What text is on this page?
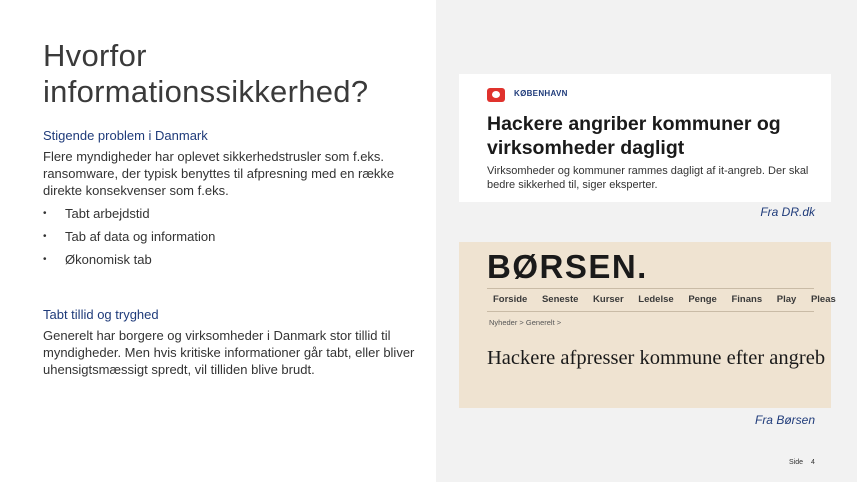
Hvorfor informationssikkerhed?
Stigende problem i Danmark
Flere myndigheder har oplevet sikkerhedstrusler som f.eks. ransomware, der typisk benyttes til afpresning med en række direkte konsekvenser som f.eks.
• Tabt arbejdstid
• Tab af data og information
• Økonomisk tab
Tabt tillid og tryghed
Generelt har borgere og virksomheder i Danmark stor tillid til myndigheder. Men hvis kritiske informationer går tabt, eller bliver uhensigtsmæssigt spredt, vil tilliden blive brudt.
KØBENHAVN
Hackere angriber kommuner og virksomheder dagligt
Virksomheder og kommuner rammes dagligt af it-angreb. Der skal bedre sikkerhed til, siger eksperter.
Fra DR.dk
BØRSEN.
Forside Seneste Kurser Ledelse Penge Finans Play Pleas
Nyheder > Generelt >
Hackere afpresser kommune efter angreb
Fra Børsen
Side 4
